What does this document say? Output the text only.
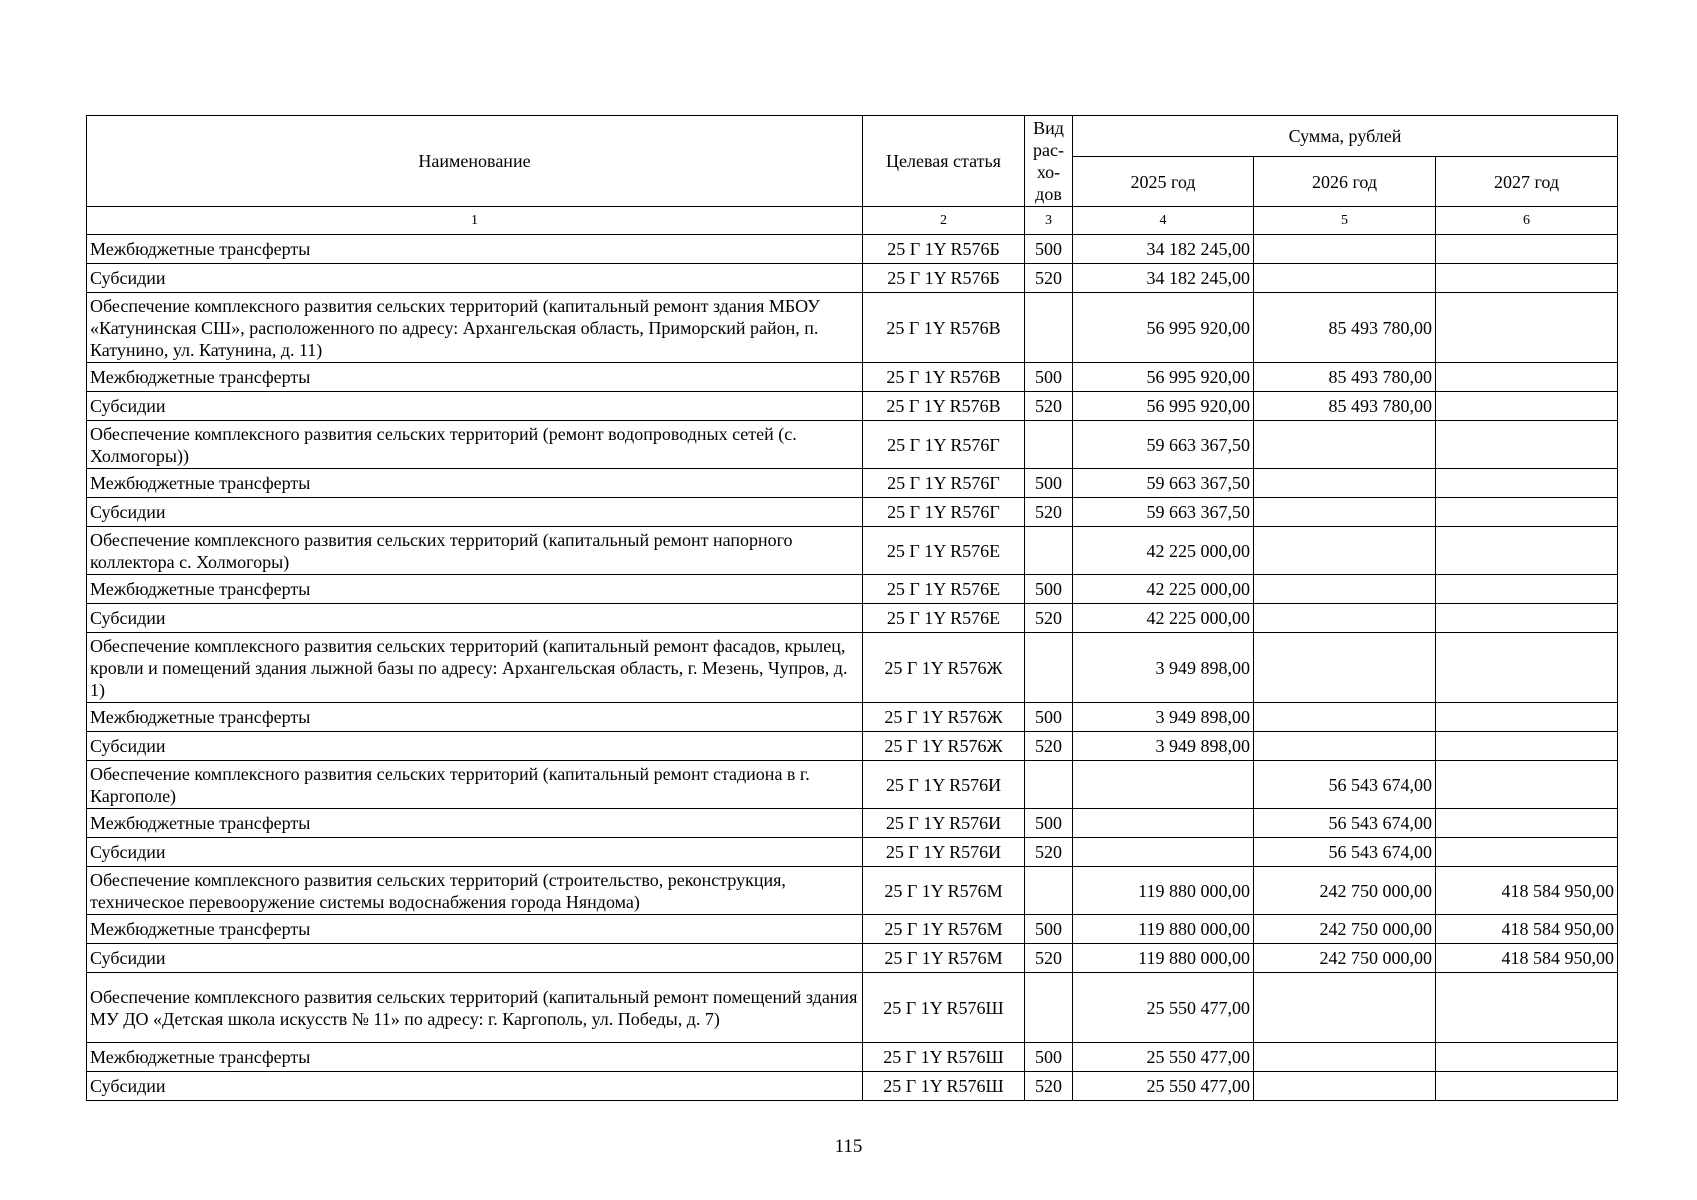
Наименование	Целевая статья	Вид
рас-
хо-
дов	Сумма, рублей		
			2025 год	2026 год	2027 год
1	2	3	4	5	6
Межбюджетные трансферты	25 Г 1Y R576Б	500	34 182 245,00		
Субсидии	25 Г 1Y R576Б	520	34 182 245,00		
Обеспечение комплексного развития сельских территорий (капитальный ремонт здания МБОУ «Катунинская СШ», расположенного по адресу: Архангельская область, Приморский район, п. Катунино, ул. Катунина, д. 11)	25 Г 1Y R576В		56 995 920,00	85 493 780,00	
Межбюджетные трансферты	25 Г 1Y R576В	500	56 995 920,00	85 493 780,00	
Субсидии	25 Г 1Y R576В	520	56 995 920,00	85 493 780,00	
Обеспечение комплексного развития сельских территорий (ремонт водопроводных сетей (с. Холмогоры))	25 Г 1Y R576Г		59 663 367,50		
Межбюджетные трансферты	25 Г 1Y R576Г	500	59 663 367,50		
Субсидии	25 Г 1Y R576Г	520	59 663 367,50		
Обеспечение комплексного развития сельских территорий (капитальный ремонт напорного коллектора с. Холмогоры)	25 Г 1Y R576Е		42 225 000,00		
Межбюджетные трансферты	25 Г 1Y R576Е	500	42 225 000,00		
Субсидии	25 Г 1Y R576Е	520	42 225 000,00		
Обеспечение комплексного развития сельских территорий (капитальный ремонт фасадов, крылец, кровли и помещений здания лыжной базы по адресу: Архангельская область, г. Мезень, Чупров, д. 1)	25 Г 1Y R576Ж		3 949 898,00		
Межбюджетные трансферты	25 Г 1Y R576Ж	500	3 949 898,00		
Субсидии	25 Г 1Y R576Ж	520	3 949 898,00		
Обеспечение комплексного развития сельских территорий (капитальный ремонт стадиона в г. Каргополе)	25 Г 1Y R576И			56 543 674,00	
Межбюджетные трансферты	25 Г 1Y R576И	500		56 543 674,00	
Субсидии	25 Г 1Y R576И	520		56 543 674,00	
Обеспечение комплексного развития сельских территорий (строительство, реконструкция, техническое перевооружение системы водоснабжения города Няндома)	25 Г 1Y R576М		119 880 000,00	242 750 000,00	418 584 950,00
Межбюджетные трансферты	25 Г 1Y R576М	500	119 880 000,00	242 750 000,00	418 584 950,00
Субсидии	25 Г 1Y R576М	520	119 880 000,00	242 750 000,00	418 584 950,00
Обеспечение комплексного развития сельских территорий (капитальный ремонт помещений здания МУ ДО «Детская школа искусств № 11» по адресу: г. Каргополь, ул. Победы, д. 7)	25 Г 1Y R576Ш		25 550 477,00		
Межбюджетные трансферты	25 Г 1Y R576Ш	500	25 550 477,00		
Субсидии	25 Г 1Y R576Ш	520	25 550 477,00		
115
